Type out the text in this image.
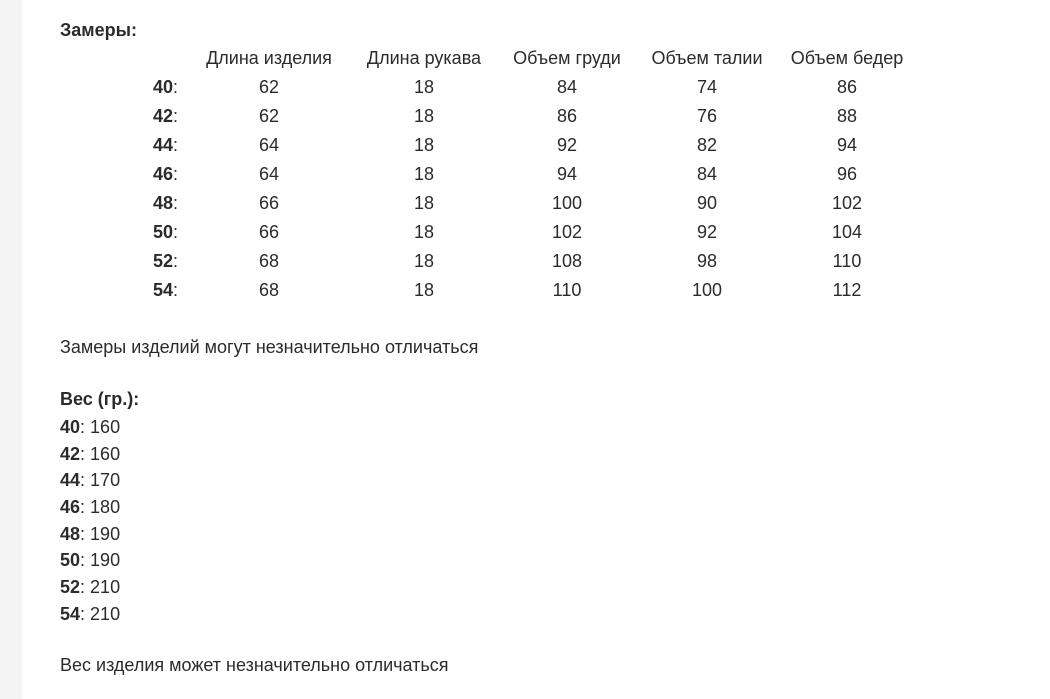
Замеры:
	Длина изделия	Длина рукава	Объем груди	Объем талии	Объем бедер
40:	62	18	84	74	86
42:	62	18	86	76	88
44:	64	18	92	82	94
46:	64	18	94	84	96
48:	66	18	100	90	102
50:	66	18	102	92	104
52:	68	18	108	98	110
54:	68	18	110	100	112
Замеры изделий могут незначительно отличаться
Вес (гр.):
40: 160
42: 160
44: 170
46: 180
48: 190
50: 190
52: 210
54: 210
Вес изделия может незначительно отличаться
